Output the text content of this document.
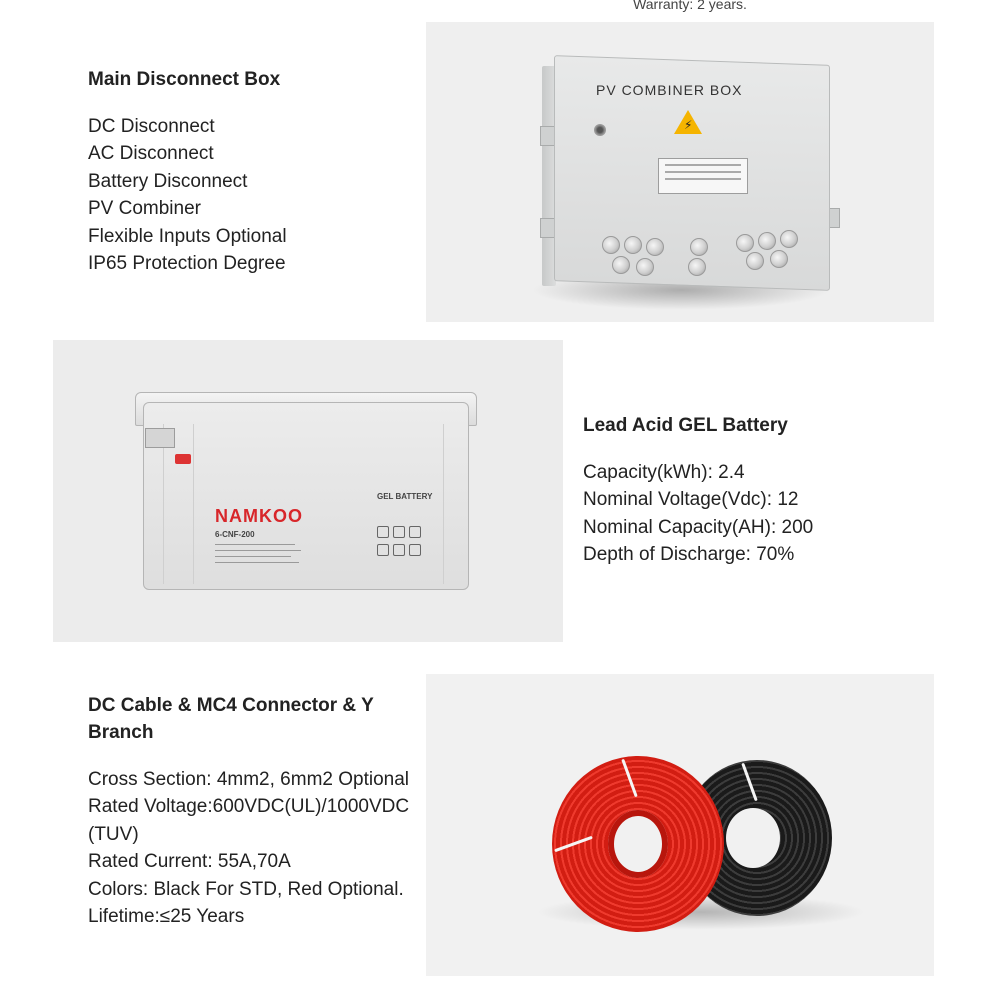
Warranty: 2 years.
Main Disconnect Box
DC Disconnect
AC Disconnect
Battery Disconnect
PV Combiner
Flexible Inputs Optional
IP65 Protection Degree
PV COMBINER BOX
⚡
NAMKOO
6-CNF-200
GEL BATTERY
Lead Acid GEL Battery
Capacity(kWh): 2.4
Nominal Voltage(Vdc): 12
Nominal Capacity(AH): 200
Depth of Discharge: 70%
DC Cable & MC4 Connector & Y Branch
Cross Section: 4mm2, 6mm2 Optional
Rated Voltage:600VDC(UL)/1000VDC(TUV)
Rated Current: 55A,70A
Colors: Black For STD, Red Optional.
Lifetime:≤25 Years
